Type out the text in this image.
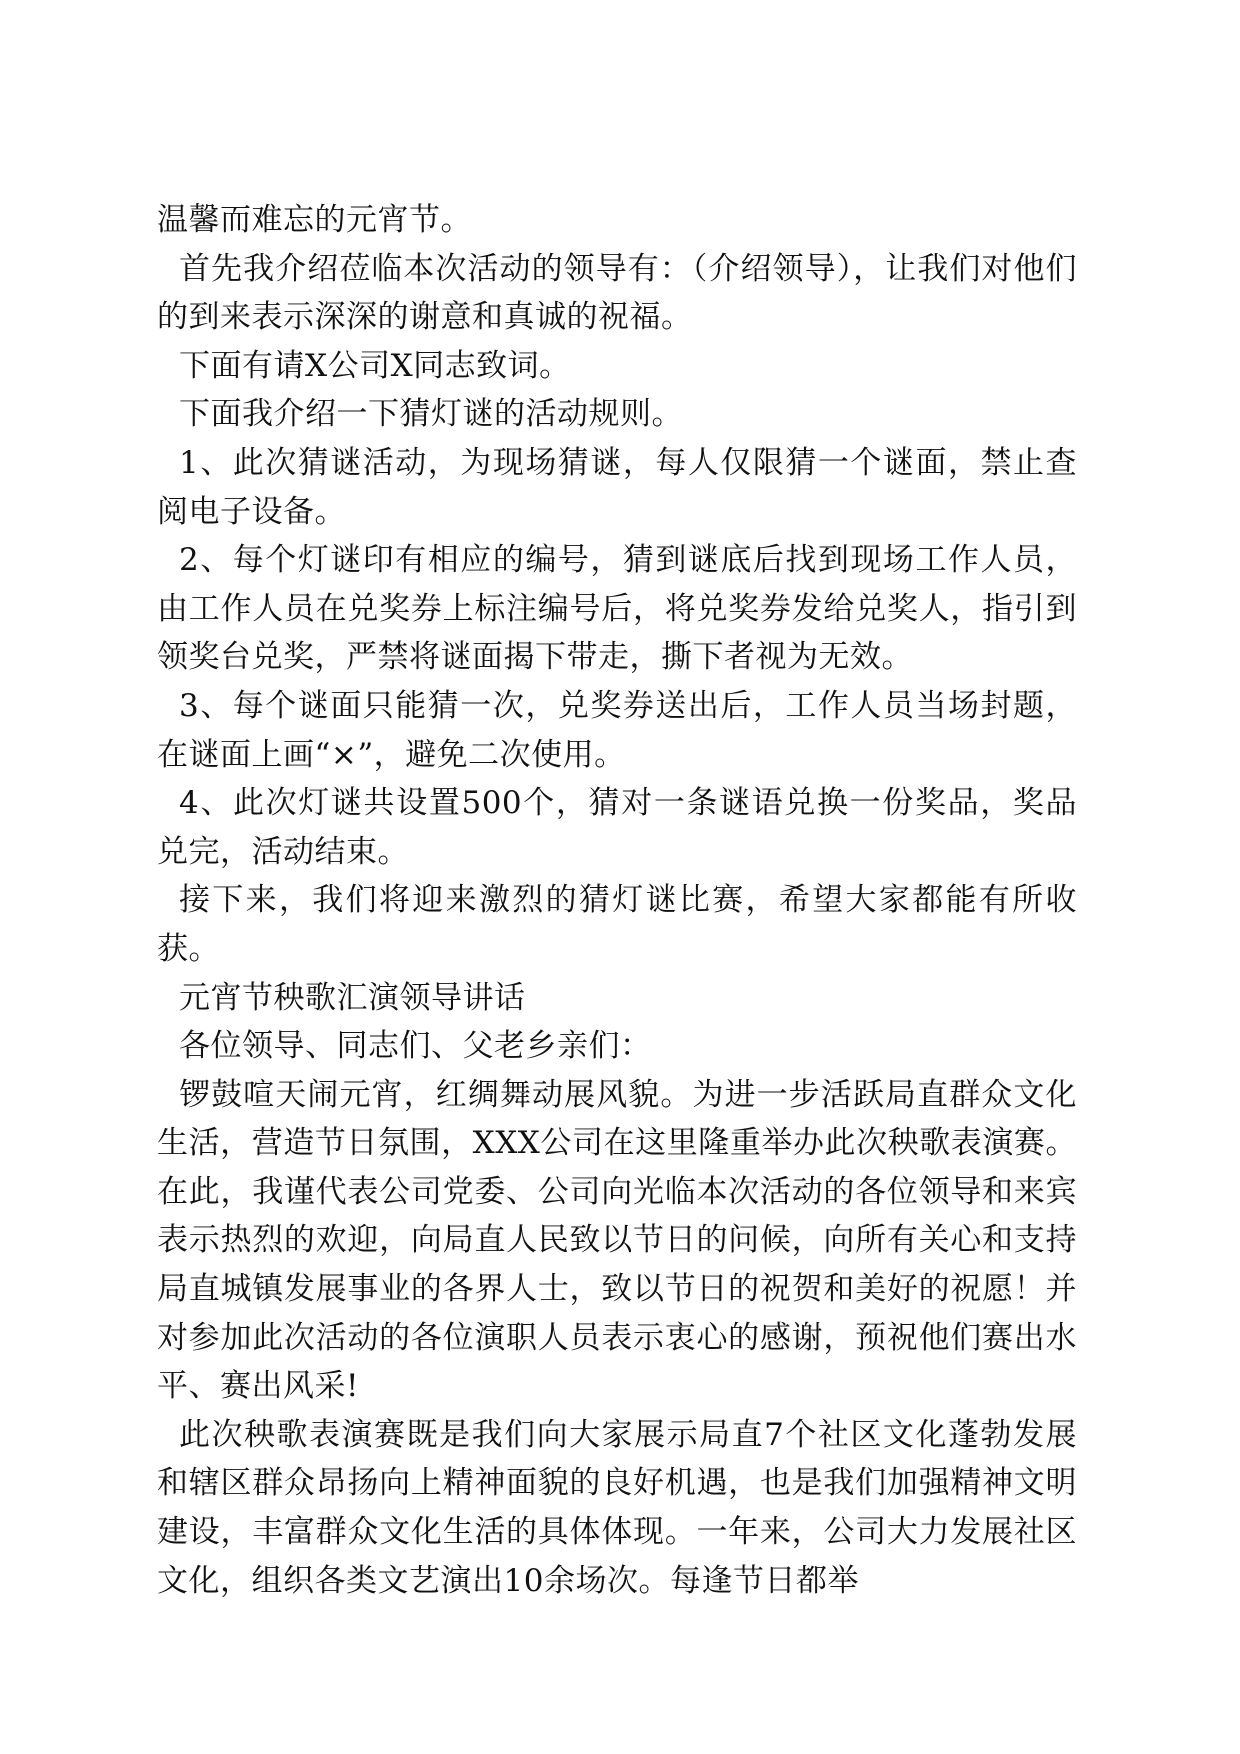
温馨而难忘的元宵节。

首先我介绍莅临本次活动的领导有：（介绍领导），让我们对他们的到来表示深深的谢意和真诚的祝福。

下面有请X公司X同志致词。

下面我介绍一下猜灯谜的活动规则。

1、此次猜谜活动，为现场猜谜，每人仅限猜一个谜面，禁止查阅电子设备。

2、每个灯谜印有相应的编号，猜到谜底后找到现场工作人员，由工作人员在兑奖券上标注编号后，将兑奖券发给兑奖人，指引到领奖台兑奖，严禁将谜面揭下带走，撕下者视为无效。

3、每个谜面只能猜一次，兑奖券送出后，工作人员当场封题，在谜面上画“×”，避免二次使用。

4、此次灯谜共设置500个，猜对一条谜语兑换一份奖品，奖品兑完，活动结束。

接下来，我们将迎来激烈的猜灯谜比赛，希望大家都能有所收获。

元宵节秧歌汇演领导讲话

各位领导、同志们、父老乡亲们：

锣鼓喧天闹元宵，红绸舞动展风貌。为进一步活跃局直群众文化生活，营造节日氛围，XXX公司在这里隆重举办此次秧歌表演赛。在此，我谨代表公司党委、公司向光临本次活动的各位领导和来宾表示热烈的欢迎，向局直人民致以节日的问候，向所有关心和支持局直城镇发展事业的各界人士，致以节日的祝贺和美好的祝愿！并对参加此次活动的各位演职人员表示衷心的感谢，预祝他们赛出水平、赛出风采!

此次秧歌表演赛既是我们向大家展示局直7个社区文化蓬勃发展和辖区群众昂扬向上精神面貌的良好机遇，也是我们加强精神文明建设，丰富群众文化生活的具体体现。一年来，公司大力发展社区文化，组织各类文艺演出10余场次。每逢节日都举
